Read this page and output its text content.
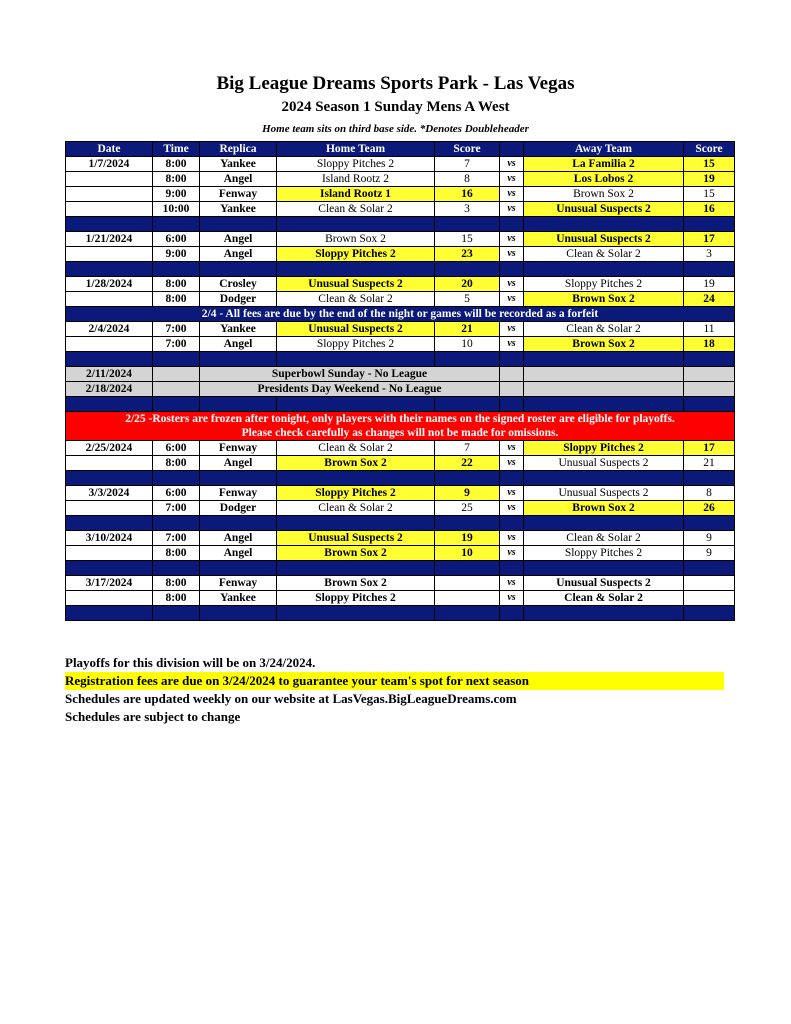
Big League Dreams Sports Park - Las Vegas
2024 Season 1 Sunday Mens A West
Home team sits on third base side. *Denotes Doubleheader
Date	Time	Replica	Home Team	Score		Away Team	Score
1/7/2024	8:00	Yankee	Sloppy Pitches 2	7	vs	La Familia 2	15
	8:00	Angel	Island Rootz 2	8	vs	Los Lobos 2	19
	9:00	Fenway	Island Rootz 1	16	vs	Brown Sox 2	15
	10:00	Yankee	Clean & Solar 2	3	vs	Unusual Suspects 2	16

1/21/2024	6:00	Angel	Brown Sox 2	15	vs	Unusual Suspects 2	17
	9:00	Angel	Sloppy Pitches 2	23	vs	Clean & Solar 2	3

1/28/2024	8:00	Crosley	Unusual Suspects 2	20	vs	Sloppy Pitches 2	19
	8:00	Dodger	Clean & Solar 2	5	vs	Brown Sox 2	24
2/4 - All fees are due by the end of the night or games will be recorded as a forfeit							
2/4/2024	7:00	Yankee	Unusual Suspects 2	21	vs	Clean & Solar 2	11
	7:00	Angel	Sloppy Pitches 2	10	vs	Brown Sox 2	18

2/11/2024		Superbowl Sunday - No League					
2/18/2024		Presidents Day Weekend - No League					

2/25 -Rosters are frozen after tonight, only players with their names on the signed roster are eligible for playoffs.
Please check carefully as changes will not be made for omissions.							

2/25/2024	6:00	Fenway	Clean & Solar 2	7	vs	Sloppy Pitches 2	17
	8:00	Angel	Brown Sox 2	22	vs	Unusual Suspects 2	21

3/3/2024	6:00	Fenway	Sloppy Pitches 2	9	vs	Unusual Suspects 2	8
	7:00	Dodger	Clean & Solar 2	25	vs	Brown Sox 2	26

3/10/2024	7:00	Angel	Unusual Suspects 2	19	vs	Clean & Solar 2	9
	8:00	Angel	Brown Sox 2	10	vs	Sloppy Pitches 2	9

3/17/2024	8:00	Fenway	Brown Sox 2		vs	Unusual Suspects 2	
	8:00	Yankee	Sloppy Pitches 2		vs	Clean & Solar 2	

Playoffs for this division will be on 3/24/2024.
Registration fees are due on 3/24/2024 to guarantee your team's spot for next season
Schedules are updated weekly on our website at LasVegas.BigLeagueDreams.com
Schedules are subject to change
